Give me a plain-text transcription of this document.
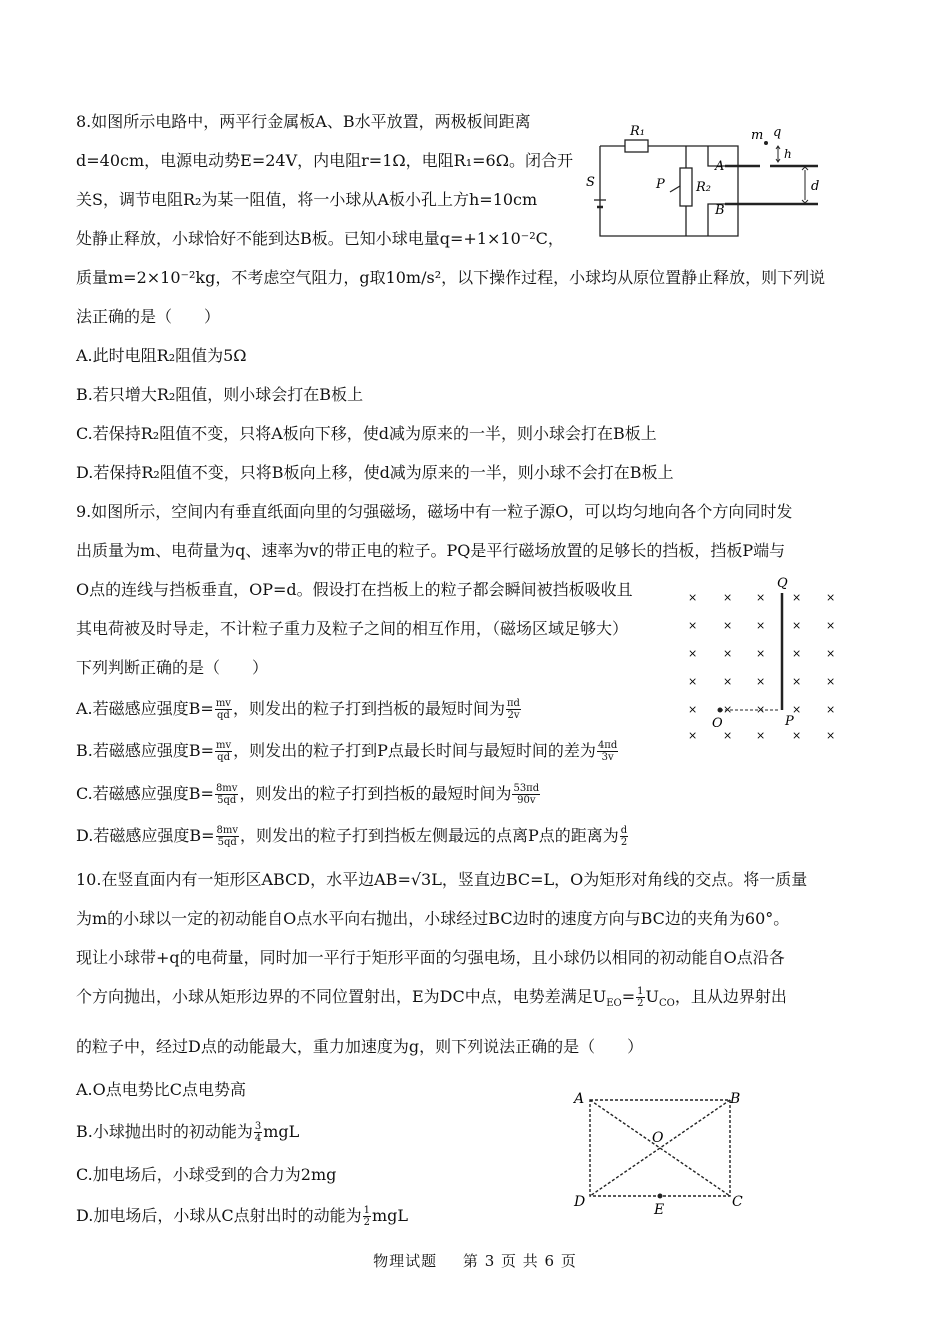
8.如图所示电路中，两平行金属板A、B水平放置，两极板间距离
d=40cm，电源电动势E=24V，内电阻r=1Ω，电阻R₁=6Ω。闭合开
关S，调节电阻R₂为某一阻值，将一小球从A板小孔上方h=10cm
处静止释放，小球恰好不能到达B板。已知小球电量q=+1×10⁻²C，
质量m=2×10⁻²kg，不考虑空气阻力，g取10m/s²，以下操作过程，小球均从原位置静止释放，则下列说
法正确的是（　　）
A.此时电阻R₂阻值为5Ω
B.若只增大R₂阻值，则小球会打在B板上
C.若保持R₂阻值不变，只将A板向下移，使d减为原来的一半，则小球会打在B板上
D.若保持R₂阻值不变，只将B板向上移，使d减为原来的一半，则小球不会打在B板上
R₁
R₂
P
S
A
B
m q
h
d
9.如图所示，空间内有垂直纸面向里的匀强磁场，磁场中有一粒子源O，可以均匀地向各个方向同时发
出质量为m、电荷量为q、速率为v的带正电的粒子。PQ是平行磁场放置的足够长的挡板，挡板P端与
O点的连线与挡板垂直，OP=d。假设打在挡板上的粒子都会瞬间被挡板吸收且
其电荷被及时导走，不计粒子重力及粒子之间的相互作用，（磁场区域足够大）
下列判断正确的是（　　）
A.若磁感应强度$B= \frac{mv}{qd}$ ，则发出的粒子打到挡板的最短时间为 $\frac{\pi d}{2v}$
B.若磁感应强度$B= \frac{mv}{qd}$ ，则发出的粒子打到P点最长时间与最短时间的差为 $\frac{4\pi d}{3v}$
C.若磁感应强度$B= \frac{8mv}{5qd}$ ，则发出的粒子打到挡板的最短时间为 $\frac{53\pi d}{90v}$
D.若磁感应强度$B= \frac{8mv}{5qd}$ ，则发出的粒子打到挡板左侧最远的点离P点的距离为 $\frac{d}{2}$
× × × × ×
× × × × ×
× × × × ×
× × × × ×
× × × × ×
× × × × ×
Q
O	P
10.在竖直面内有一矩形区ABCD，水平边AB=√3L，竖直边BC=L，O为矩形对角线的交点。将一质量
为m的小球以一定的初动能自O点水平向右抛出，小球经过BC边时的速度方向与BC边的夹角为60°。
现让小球带+q的电荷量，同时加一平行于矩形平面的匀强电场，且小球仍以相同的初动能自O点沿各
个方向抛出，小球从矩形边界的不同位置射出，E为DC中点，电势差满足$U_{EO}= \frac{1}{2} U_{CO}$，且从边界射出
的粒子中，经过D点的动能最大，重力加速度为g，则下列说法正确的是（　　）
A.O点电势比C点电势高
B.小球抛出时的初动能为 $\frac{3}{4}$ mgL
C.加电场后，小球受到的合力为2mg
D.加电场后，小球从C点射出时的动能为 $\frac{1}{2}$ mgL
A	B
C
D
O
E
物理试题 第 3 页 共 6 页
